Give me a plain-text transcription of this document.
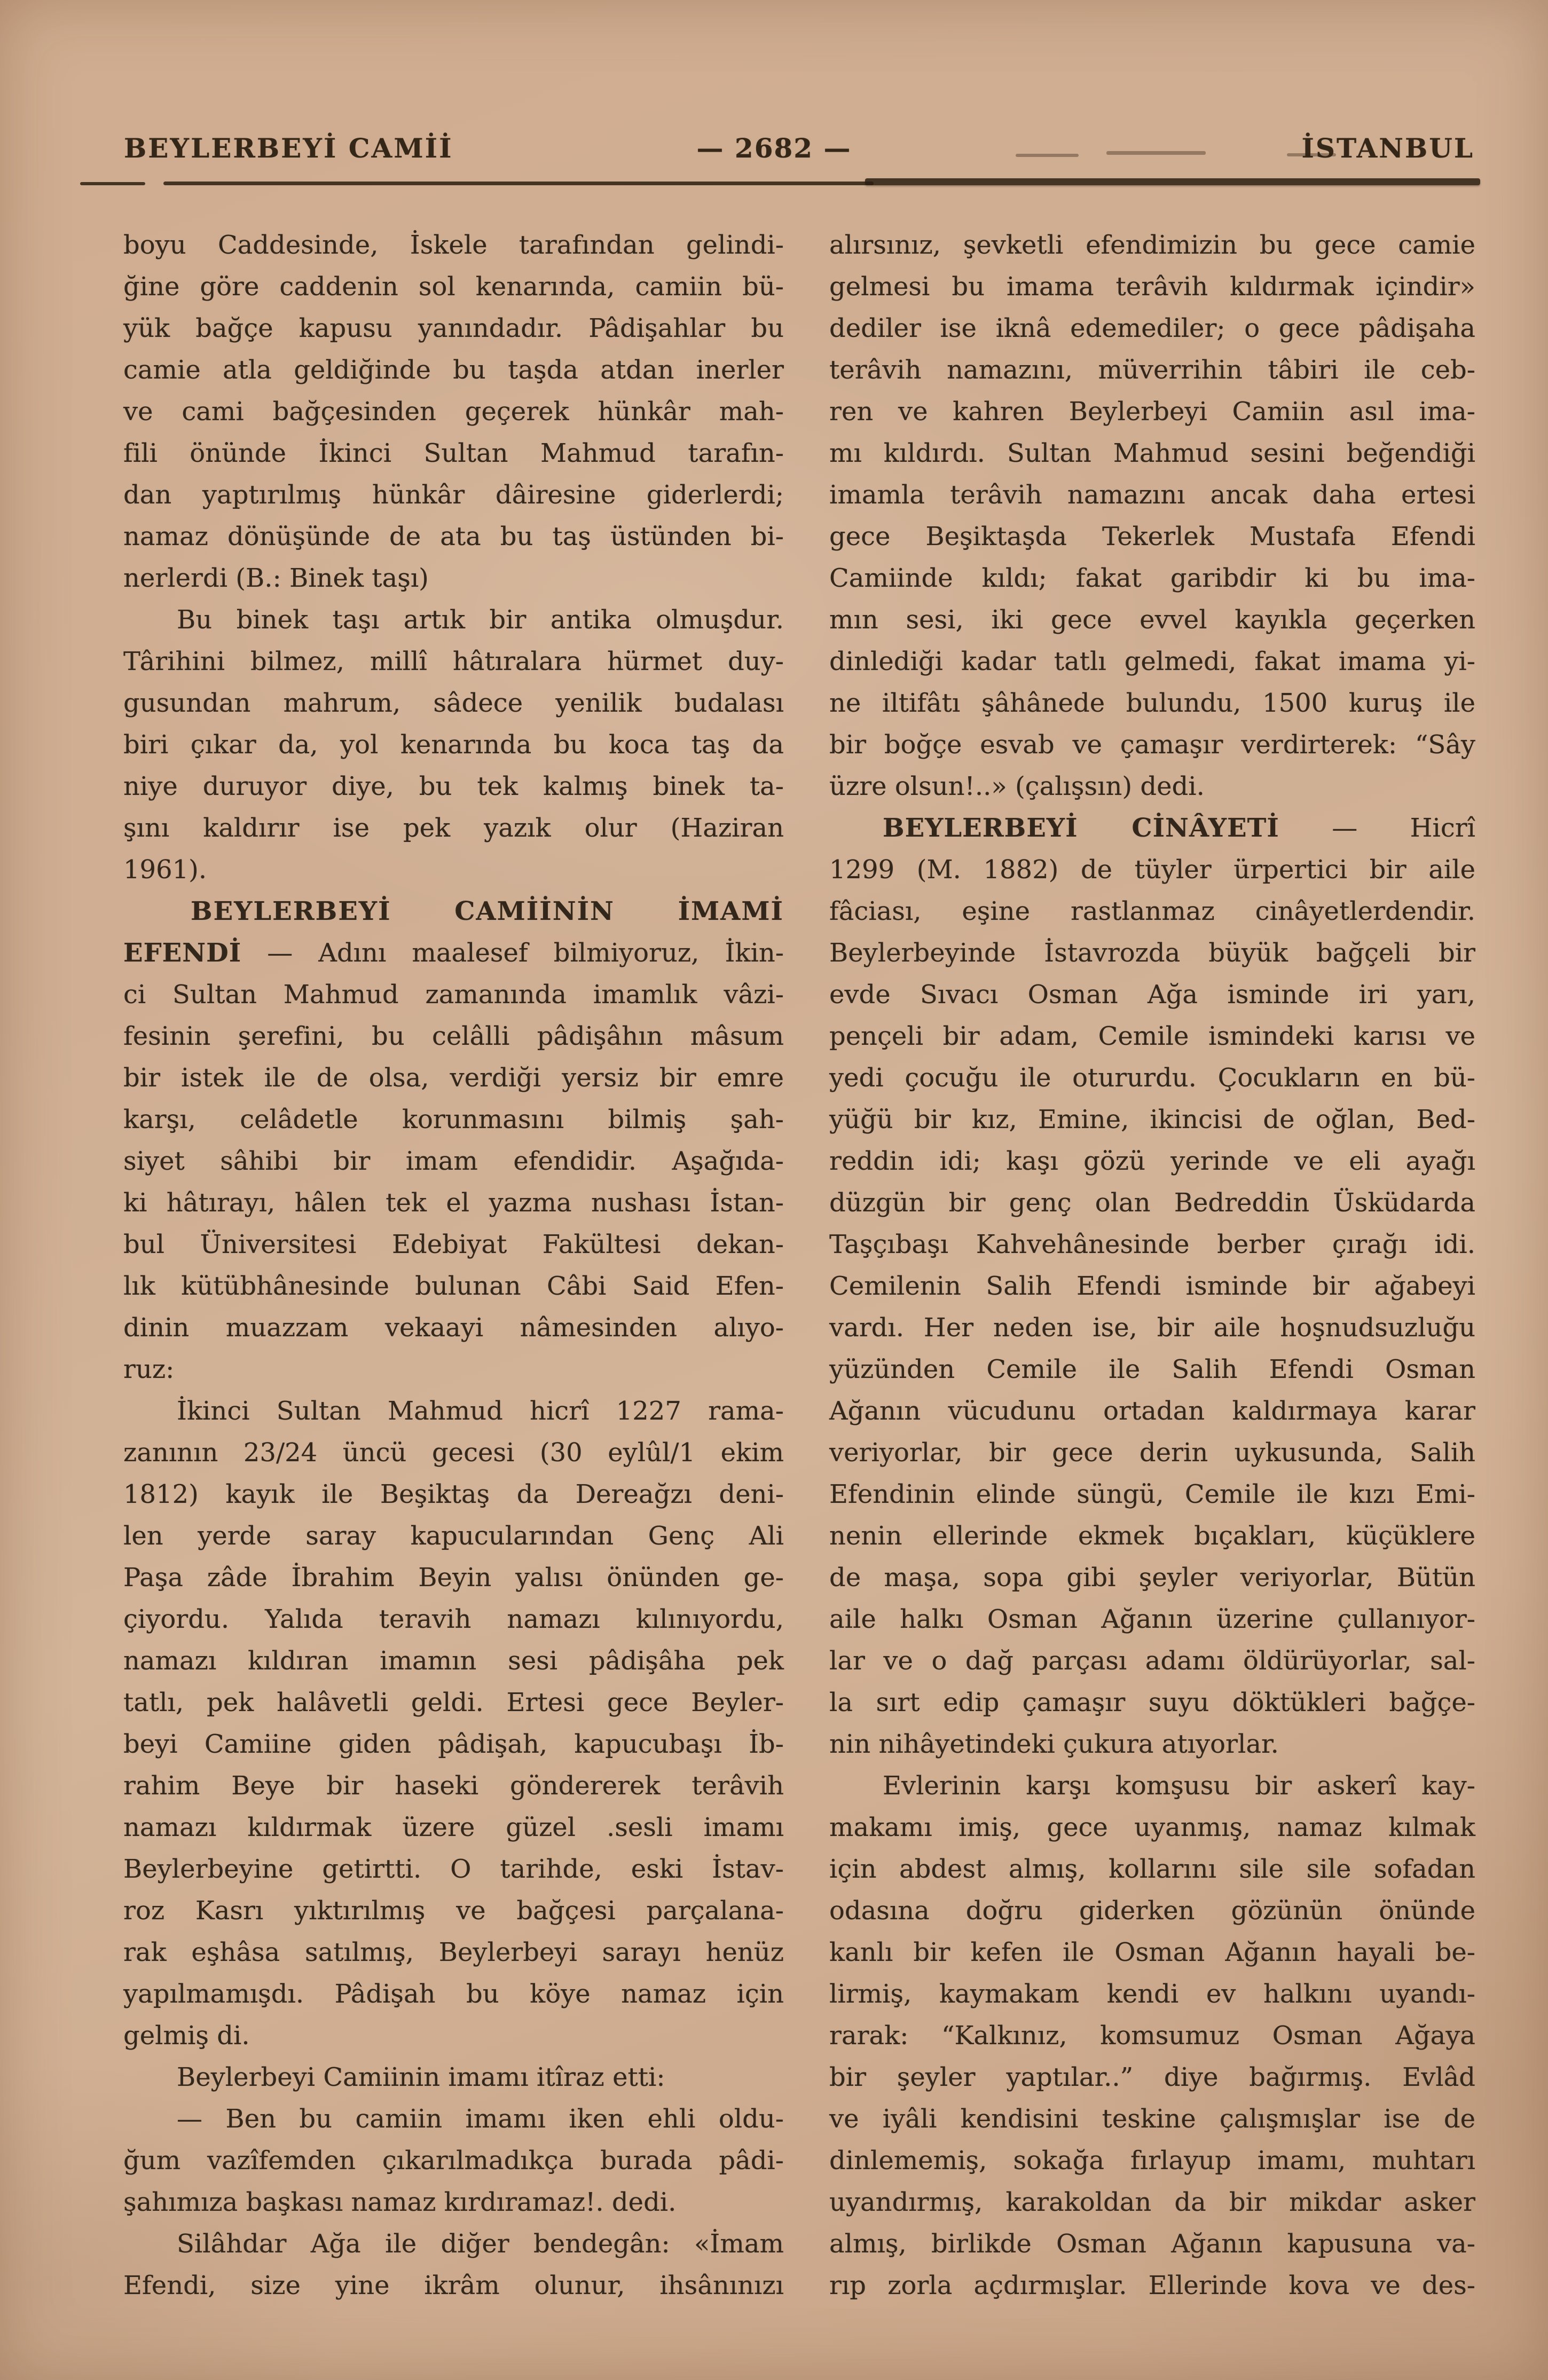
BEYLERBEYİ CAMİİ	— 2682 —	İSTANBUL
boyu Caddesinde, İskele tarafından gelindi-
ğine göre caddenin sol kenarında, camiin bü-
yük bağçe kapusu yanındadır. Pâdişahlar bu
camie atla geldiğinde bu taşda atdan inerler
ve cami bağçesinden geçerek hünkâr mah-
fili önünde İkinci Sultan Mahmud tarafın-
dan yaptırılmış hünkâr dâiresine giderlerdi;
namaz dönüşünde de ata bu taş üstünden bi-
nerlerdi (B.: Binek taşı)
Bu binek taşı artık bir antika olmuşdur.
Târihini bilmez, millî hâtıralara hürmet duy-
gusundan mahrum, sâdece yenilik budalası
biri çıkar da, yol kenarında bu koca taş da
niye duruyor diye, bu tek kalmış binek ta-
şını kaldırır ise pek yazık olur (Haziran
1961).
BEYLERBEYİ CAMİİNİN İMAMİ
EFENDİ — Adını maalesef bilmiyoruz, İkin-
ci Sultan Mahmud zamanında imamlık vâzi-
fesinin şerefini, bu celâlli pâdişâhın mâsum
bir istek ile de olsa, verdiği yersiz bir emre
karşı, celâdetle korunmasını bilmiş şah-
siyet sâhibi bir imam efendidir. Aşağıda-
ki hâtırayı, hâlen tek el yazma nushası İstan-
bul Üniversitesi Edebiyat Fakültesi dekan-
lık kütübhânesinde bulunan Câbi Said Efen-
dinin muazzam vekaayi nâmesinden alıyo-
ruz:
İkinci Sultan Mahmud hicrî 1227 rama-
zanının 23/24 üncü gecesi (30 eylûl/1 ekim
1812) kayık ile Beşiktaş da Dereağzı deni-
len yerde saray kapucularından Genç Ali
Paşa zâde İbrahim Beyin yalısı önünden ge-
çiyordu. Yalıda teravih namazı kılınıyordu,
namazı kıldıran imamın sesi pâdişâha pek
tatlı, pek halâvetli geldi. Ertesi gece Beyler-
beyi Camiine giden pâdişah, kapucubaşı İb-
rahim Beye bir haseki göndererek terâvih
namazı kıldırmak üzere güzel .sesli imamı
Beylerbeyine getirtti. O tarihde, eski İstav-
roz Kasrı yıktırılmış ve bağçesi parçalana-
rak eşhâsa satılmış, Beylerbeyi sarayı henüz
yapılmamışdı. Pâdişah bu köye namaz için
gelmiş di.
Beylerbeyi Camiinin imamı itîraz etti:
— Ben bu camiin imamı iken ehli oldu-
ğum vazîfemden çıkarılmadıkça burada pâdi-
şahımıza başkası namaz kırdıramaz!. dedi.
Silâhdar Ağa ile diğer bendegân: «İmam
Efendi, size yine ikrâm olunur, ihsânınızı
alırsınız, şevketli efendimizin bu gece camie
gelmesi bu imama terâvih kıldırmak içindir»
dediler ise iknâ edemediler; o gece pâdişaha
terâvih namazını, müverrihin tâbiri ile ceb-
ren ve kahren Beylerbeyi Camiin asıl ima-
mı kıldırdı. Sultan Mahmud sesini beğendiği
imamla terâvih namazını ancak daha ertesi
gece Beşiktaşda Tekerlek Mustafa Efendi
Camiinde kıldı; fakat garibdir ki bu ima-
mın sesi, iki gece evvel kayıkla geçerken
dinlediği kadar tatlı gelmedi, fakat imama yi-
ne iltifâtı şâhânede bulundu, 1500 kuruş ile
bir boğçe esvab ve çamaşır verdirterek: “Sây
üzre olsun!..» (çalışsın) dedi.
BEYLERBEYİ CİNÂYETİ — Hicrî
1299 (M. 1882) de tüyler ürpertici bir aile
fâciası, eşine rastlanmaz cinâyetlerdendir.
Beylerbeyinde İstavrozda büyük bağçeli bir
evde Sıvacı Osman Ağa isminde iri yarı,
pençeli bir adam, Cemile ismindeki karısı ve
yedi çocuğu ile otururdu. Çocukların en bü-
yüğü bir kız, Emine, ikincisi de oğlan, Bed-
reddin idi; kaşı gözü yerinde ve eli ayağı
düzgün bir genç olan Bedreddin Üsküdarda
Taşçıbaşı Kahvehânesinde berber çırağı idi.
Cemilenin Salih Efendi isminde bir ağabeyi
vardı. Her neden ise, bir aile hoşnudsuzluğu
yüzünden Cemile ile Salih Efendi Osman
Ağanın vücudunu ortadan kaldırmaya karar
veriyorlar, bir gece derin uykusunda, Salih
Efendinin elinde süngü, Cemile ile kızı Emi-
nenin ellerinde ekmek bıçakları, küçüklere
de maşa, sopa gibi şeyler veriyorlar, Bütün
aile halkı Osman Ağanın üzerine çullanıyor-
lar ve o dağ parçası adamı öldürüyorlar, sal-
la sırt edip çamaşır suyu döktükleri bağçe-
nin nihâyetindeki çukura atıyorlar.
Evlerinin karşı komşusu bir askerî kay-
makamı imiş, gece uyanmış, namaz kılmak
için abdest almış, kollarını sile sile sofadan
odasına doğru giderken gözünün önünde
kanlı bir kefen ile Osman Ağanın hayali be-
lirmiş, kaymakam kendi ev halkını uyandı-
rarak: “Kalkınız, komsumuz Osman Ağaya
bir şeyler yaptılar..” diye bağırmış. Evlâd
ve iyâli kendisini teskine çalışmışlar ise de
dinlememiş, sokağa fırlayup imamı, muhtarı
uyandırmış, karakoldan da bir mikdar asker
almış, birlikde Osman Ağanın kapusuna va-
rıp zorla açdırmışlar. Ellerinde kova ve des-
